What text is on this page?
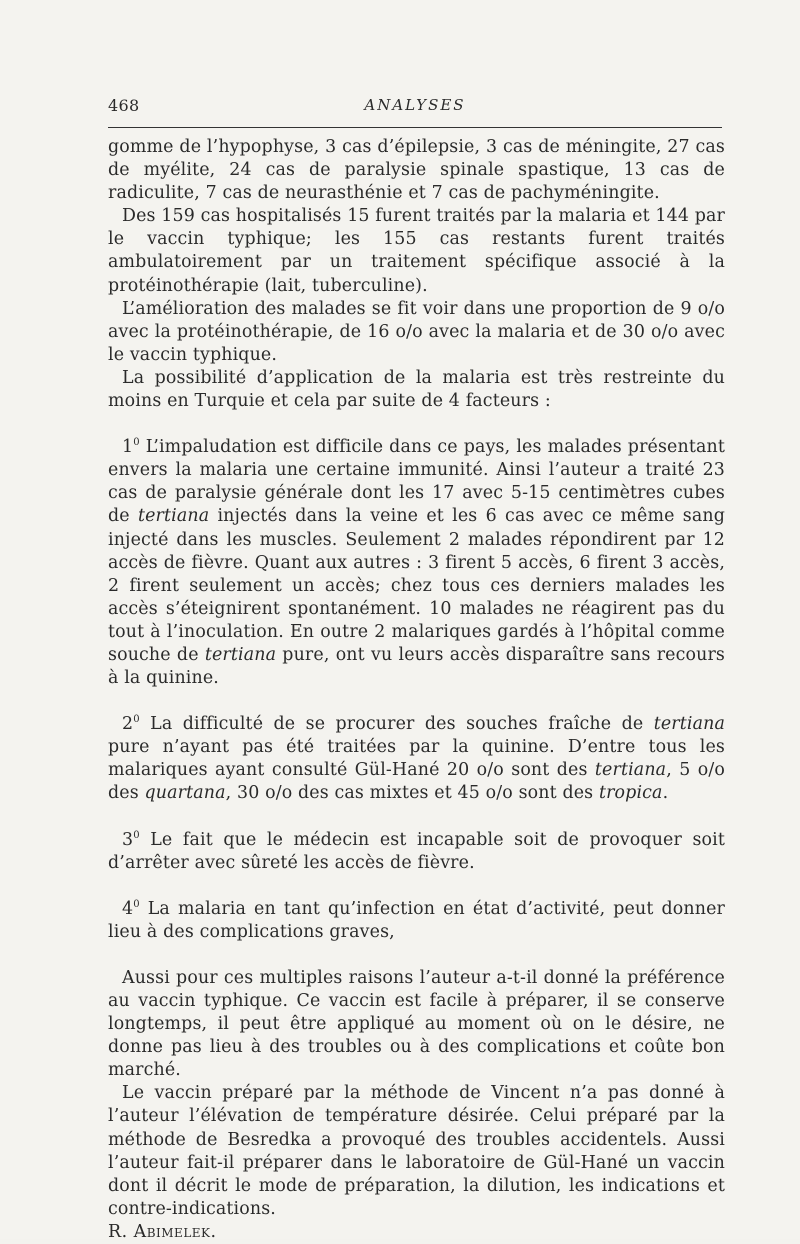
468	ANALYSES

gomme de l’hypophyse, 3 cas d’épilepsie, 3 cas de méningite, 27 cas de myélite, 24 cas de paralysie spinale spastique, 13 cas de radiculite, 7 cas de neurasthénie et 7 cas de pachyméningite.

Des 159 cas hospitalisés 15 furent traités par la malaria et 144 par le vaccin typhique; les 155 cas restants furent traités ambulatoirement par un traitement spécifique associé à la protéinothérapie (lait, tuberculine).

L’amélioration des malades se fit voir dans une proportion de 9 o/o avec la protéinothérapie, de 16 o/o avec la malaria et de 30 o/o avec le vaccin typhique.

La possibilité d’application de la malaria est très restreinte du moins en Turquie et cela par suite de 4 facteurs :

$1^0$ L’impaludation est difficile dans ce pays, les malades présentant envers la malaria une certaine immunité. Ainsi l’auteur a traité 23 cas de paralysie générale dont les 17 avec 5-15 centimètres cubes de tertiana injectés dans la veine et les 6 cas avec ce même sang injecté dans les muscles. Seulement 2 malades répondirent par 12 accès de fièvre. Quant aux autres : 3 firent 5 accès, 6 firent 3 accès, 2 firent seulement un accès; chez tous ces derniers malades les accès s’éteignirent spontanément. 10 malades ne réagirent pas du tout à l’inoculation. En outre 2 malariques gardés à l’hôpital comme souche de tertiana pure, ont vu leurs accès disparaître sans recours à la quinine.

$2^0$ La difficulté de se procurer des souches fraîche de tertiana pure n’ayant pas été traitées par la quinine. D’entre tous les malariques ayant consulté Gül-Hané 20 o/o sont des tertiana, 5 o/o des quartana, 30 o/o des cas mixtes et 45 o/o sont des tropica.

$3^0$ Le fait que le médecin est incapable soit de provoquer soit d’arrêter avec sûreté les accès de fièvre.

$4^0$ La malaria en tant qu’infection en état d’activité, peut donner lieu à des complications graves,

Aussi pour ces multiples raisons l’auteur a-t-il donné la préférence au vaccin typhique. Ce vaccin est facile à préparer, il se conserve longtemps, il peut être appliqué au moment où on le désire, ne donne pas lieu à des troubles ou à des complications et coûte bon marché.

Le vaccin préparé par la méthode de Vincent n’a pas donné à l’auteur l’élévation de température désirée. Celui préparé par la méthode de Besredka a provoqué des troubles accidentels. Aussi l’auteur fait-il préparer dans le laboratoire de Gül-Hané un vaccin dont il décrit le mode de préparation, la dilution, les indications et contre-indications.

R. Abimelek.
